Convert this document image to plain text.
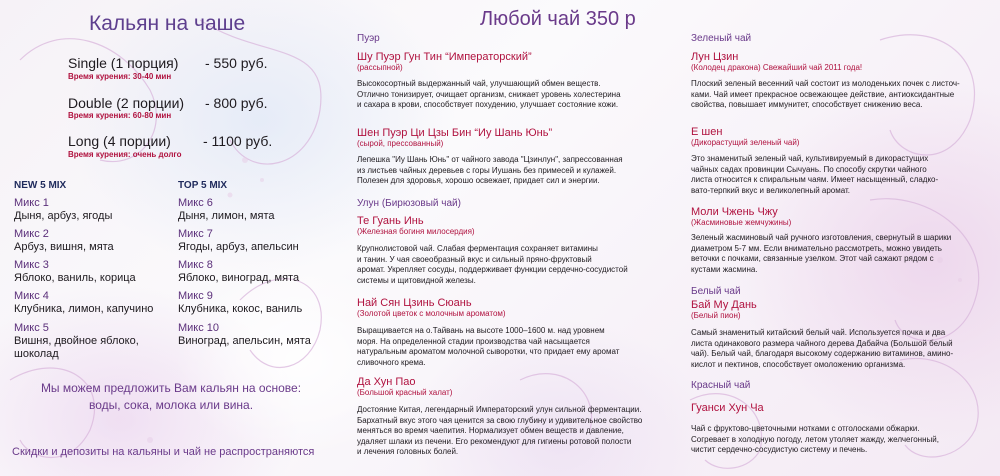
Кальян на чаше
Single (1 порция) - 550 руб.
Время курения: 30-40 мин
Double (2 порции) - 800 руб.
Время курения: 60-80 мин
Long (4 порции) - 1100 руб.
Время курения: очень долго
NEW 5 MIX	TOP 5 MIX
Микс 1
Дыня, арбуз, ягоды
Микс 2
Арбуз, вишня, мята
Микс 3
Яблоко, ваниль, корица
Микс 4
Клубника, лимон, капучино
Микс 5
Вишня, двойное яблоко,
шоколад
Микс 6
Дыня, лимон, мята
Микс 7
Ягоды, арбуз, апельсин
Микс 8
Яблоко, виноград, мята
Микс 9
Клубника, кокос, ваниль
Микс 10
Виноград, апельсин, мята
Мы можем предложить Вам кальян на основе:
воды, сока, молока или вина.
Скидки и депозиты на кальяны и чай не распространяются
Любой чай 350 р
Пуэр
Шу Пуэр Гун Тин “Императорский”
(рассыпной)
Высокосортный выдержанный чай, улучшающий обмен веществ.
Отлично тонизирует, очищает организм, снижает уровень холестерина
и сахара в крови, способствует похудению, улучшает состояние кожи.
Шен Пуэр Ци Цзы Бин “Иу Шань Юнь”
(сырой, прессованный)
Лепешка "Иу Шань Юнь" от чайного завода "Цзинлун", запрессованная
из листьев чайных деревьев с горы Иушань без примесей и кулажей.
Полезен для здоровья, хорошо освежает, придает сил и энергии.
Улун (Бирюзовый чай)
Те Гуань Инь
(Железная богиня милосердия)
Крупнолистовой чай. Слабая ферментация сохраняет витамины
и танин. У чая своеобразный вкус и сильный пряно-фруктовый
аромат. Укрепляет сосуды, поддерживает функции сердечно-сосудистой
системы и щитовидной железы.
Най Сян Цзинь Сюань
(Золотой цветок с молочным ароматом)
Выращивается на о.Тайвань на высоте 1000–1600 м. над уровнем
моря. На определенной стадии производства чай насыщается
натуральным ароматом молочной сыворотки, что придает ему аромат
сливочного крема.
Да Хун Пао
(Большой красный халат)
Достояние Китая, легендарный Императорский улун сильной ферментации.
Бархатный вкус этого чая ценится за свою глубину и удивительное свойство
меняться во время чаепития. Нормализует обмен веществ и давление,
удаляет шлаки из печени. Его рекомендуют для гигиены ротовой полости
и лечения головных болей.
Зеленый чай
Лун Цзин
(Колодец дракона) Свежайший чай 2011 года!
Плоский зеленый весенний чай состоит из молоденьких почек с листоч-
ками. Чай имеет прекрасное освежающее действие, антиоксидантные
свойства, повышает иммунитет, способствует снижению веса.
Е шен
(Дикорастущий зеленый чай)
Это знаменитый зеленый чай, культивируемый в дикорастущих
чайных садах провинции Сычуань. По способу скрутки чайного
листа относится к спиральным чаям. Имеет насыщенный, сладко-
вато-терпкий вкус и великолепный аромат.
Моли Чжень Чжу
(Жасминовые жемчужины)
Зеленый жасминовый чай ручного изготовления, свернутый в шарики
диаметром 5-7 мм. Если внимательно рассмотреть, можно увидеть
веточки с почками, связанные узелком. Этот чай сажают рядом с
кустами жасмина.
Белый чай
Бай Му Дань
(Белый пион)
Самый знаменитый китайский белый чай. Используется почка и два
листа одинакового размера чайного дерева Дабайча (Большой белый
чай). Белый чай, благодаря высокому содержанию витаминов, амино-
кислот и пектинов, способствует омоложению организма.
Красный чай
Гуанси Хун Ча
Чай с фруктово-цветочными нотками с отголосками обжарки.
Согревает в холодную погоду, летом утоляет жажду, желчегонный,
чистит сердечно-сосудистую систему и печень.
